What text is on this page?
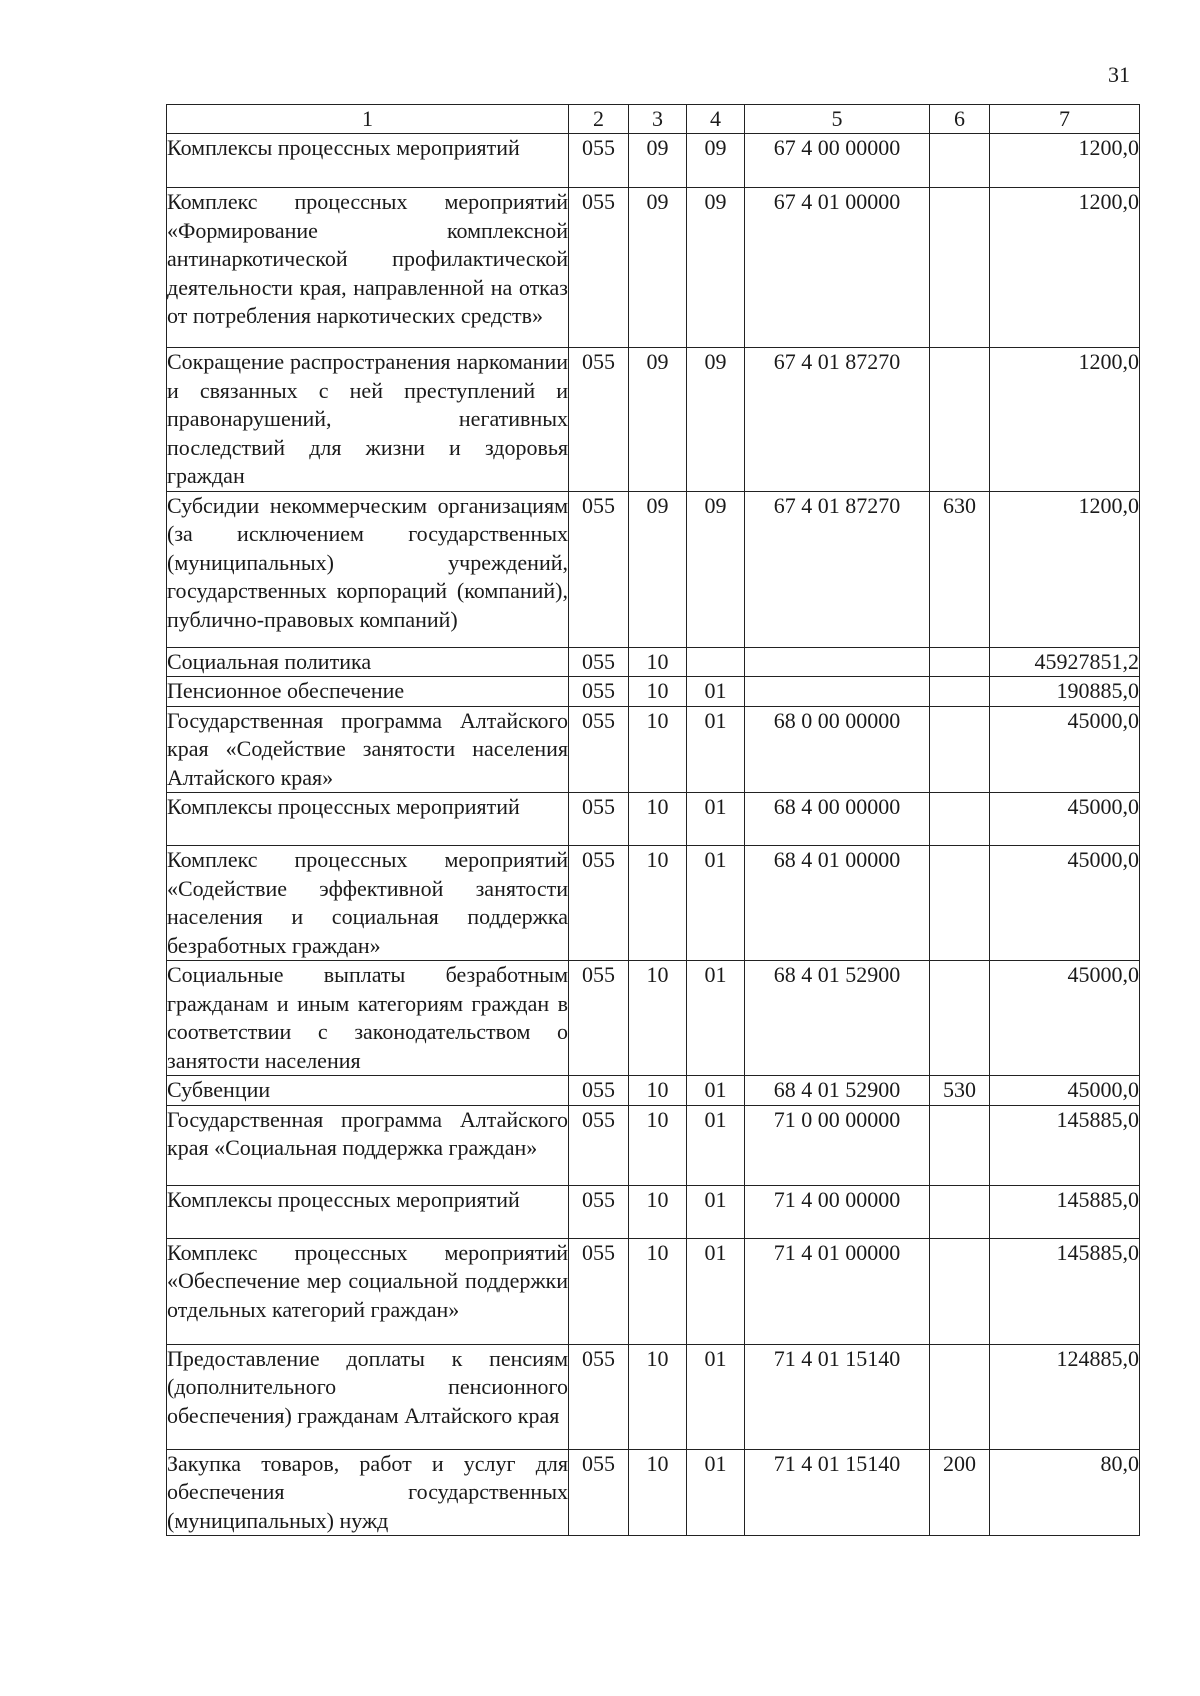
31
1	2	3	4	5	6	7
Комплексы процессных мероприятий	055	09	09	67 4 00 00000		1200,0
Комплекс процессных мероприятий «Формирование комплексной антинаркотической профилактической деятельности края, направленной на отказ от потребления наркотических средств»	055	09	09	67 4 01 00000		1200,0
Сокращение распространения наркомании и связанных с ней преступлений и правонарушений, негативных последствий для жизни и здоровья граждан	055	09	09	67 4 01 87270		1200,0
Субсидии некоммерческим организациям (за исключением государственных (муниципальных) учреждений, государственных корпораций (компаний), публично-правовых компаний)	055	09	09	67 4 01 87270	630	1200,0
Социальная политика	055	10				45927851,2
Пенсионное обеспечение	055	10	01			190885,0
Государственная программа Алтайского края «Содействие занятости населения Алтайского края»	055	10	01	68 0 00 00000		45000,0
Комплексы процессных мероприятий	055	10	01	68 4 00 00000		45000,0
Комплекс процессных мероприятий «Содействие эффективной занятости населения и социальная поддержка безработных граждан»	055	10	01	68 4 01 00000		45000,0
Социальные выплаты безработным гражданам и иным категориям граждан в соответствии с законодательством о занятости населения	055	10	01	68 4 01 52900		45000,0
Субвенции	055	10	01	68 4 01 52900	530	45000,0
Государственная программа Алтайского края «Социальная поддержка граждан»	055	10	01	71 0 00 00000		145885,0
Комплексы процессных мероприятий	055	10	01	71 4 00 00000		145885,0
Комплекс процессных мероприятий «Обеспечение мер социальной поддержки отдельных категорий граждан»	055	10	01	71 4 01 00000		145885,0
Предоставление доплаты к пенсиям (дополнительного пенсионного обеспечения) гражданам Алтайского края	055	10	01	71 4 01 15140		124885,0
Закупка товаров, работ и услуг для обеспечения государственных (муниципальных) нужд	055	10	01	71 4 01 15140	200	80,0
